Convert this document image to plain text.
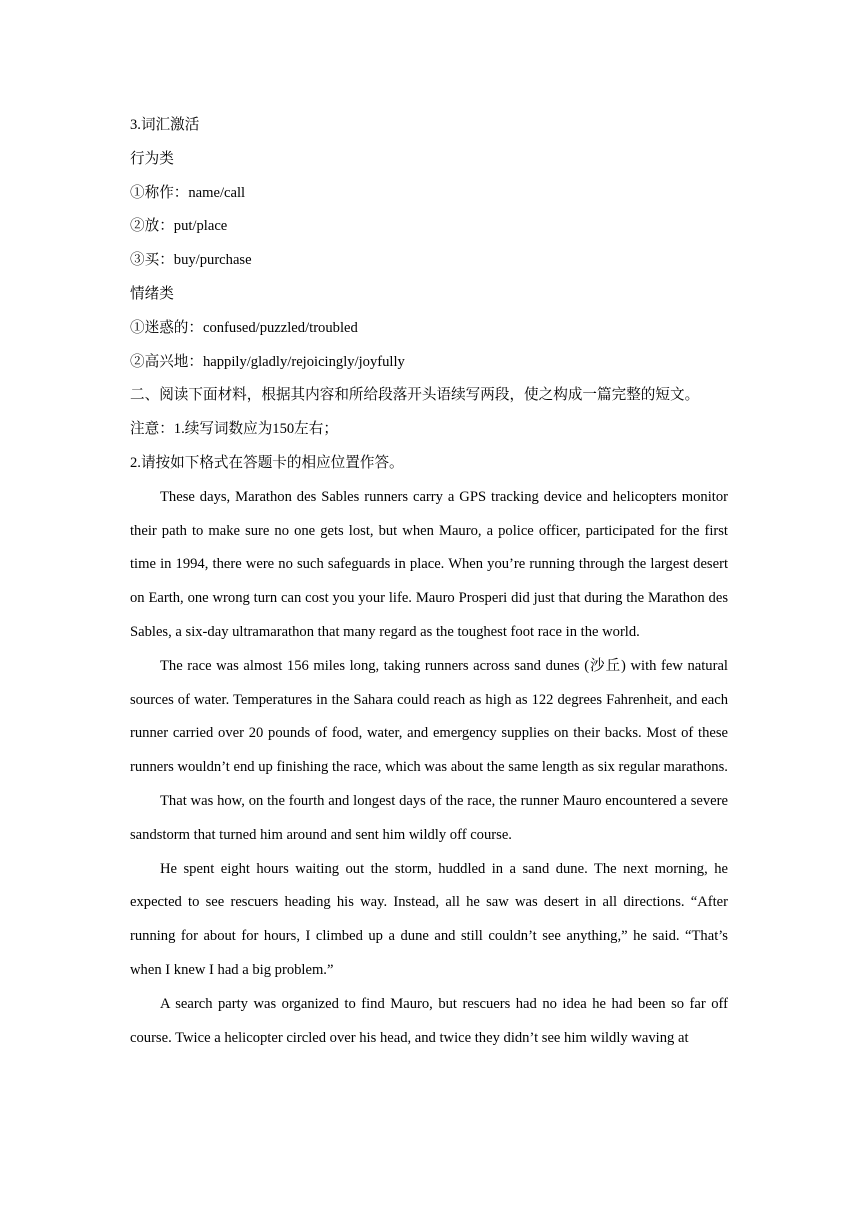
3.词汇激活
行为类
①称作：name/call
②放：put/place
③买：buy/purchase
情绪类
①迷惑的：confused/puzzled/troubled
②高兴地：happily/gladly/rejoicingly/joyfully
二、阅读下面材料，根据其内容和所给段落开头语续写两段，使之构成一篇完整的短文。
注意：1.续写词数应为150左右；
2.请按如下格式在答题卡的相应位置作答。

These days, Marathon des Sables runners carry a GPS tracking device and helicopters monitor their path to make sure no one gets lost, but when Mauro, a police officer, participated for the first time in 1994, there were no such safeguards in place. When you’re running through the largest desert on Earth, one wrong turn can cost you your life. Mauro Prosperi did just that during the Marathon des Sables, a six-day ultramarathon that many regard as the toughest foot race in the world.

The race was almost 156 miles long, taking runners across sand dunes (沙丘) with few natural sources of water. Temperatures in the Sahara could reach as high as 122 degrees Fahrenheit, and each runner carried over 20 pounds of food, water, and emergency supplies on their backs. Most of these runners wouldn’t end up finishing the race, which was about the same length as six regular marathons.

That was how, on the fourth and longest days of the race, the runner Mauro encountered a severe sandstorm that turned him around and sent him wildly off course.

He spent eight hours waiting out the storm, huddled in a sand dune. The next morning, he expected to see rescuers heading his way. Instead, all he saw was desert in all directions. “After running for about for hours, I climbed up a dune and still couldn’t see anything,” he said. “That’s when I knew I had a big problem.”

A search party was organized to find Mauro, but rescuers had no idea he had been so far off course. Twice a helicopter circled over his head, and twice they didn’t see him wildly waving at
